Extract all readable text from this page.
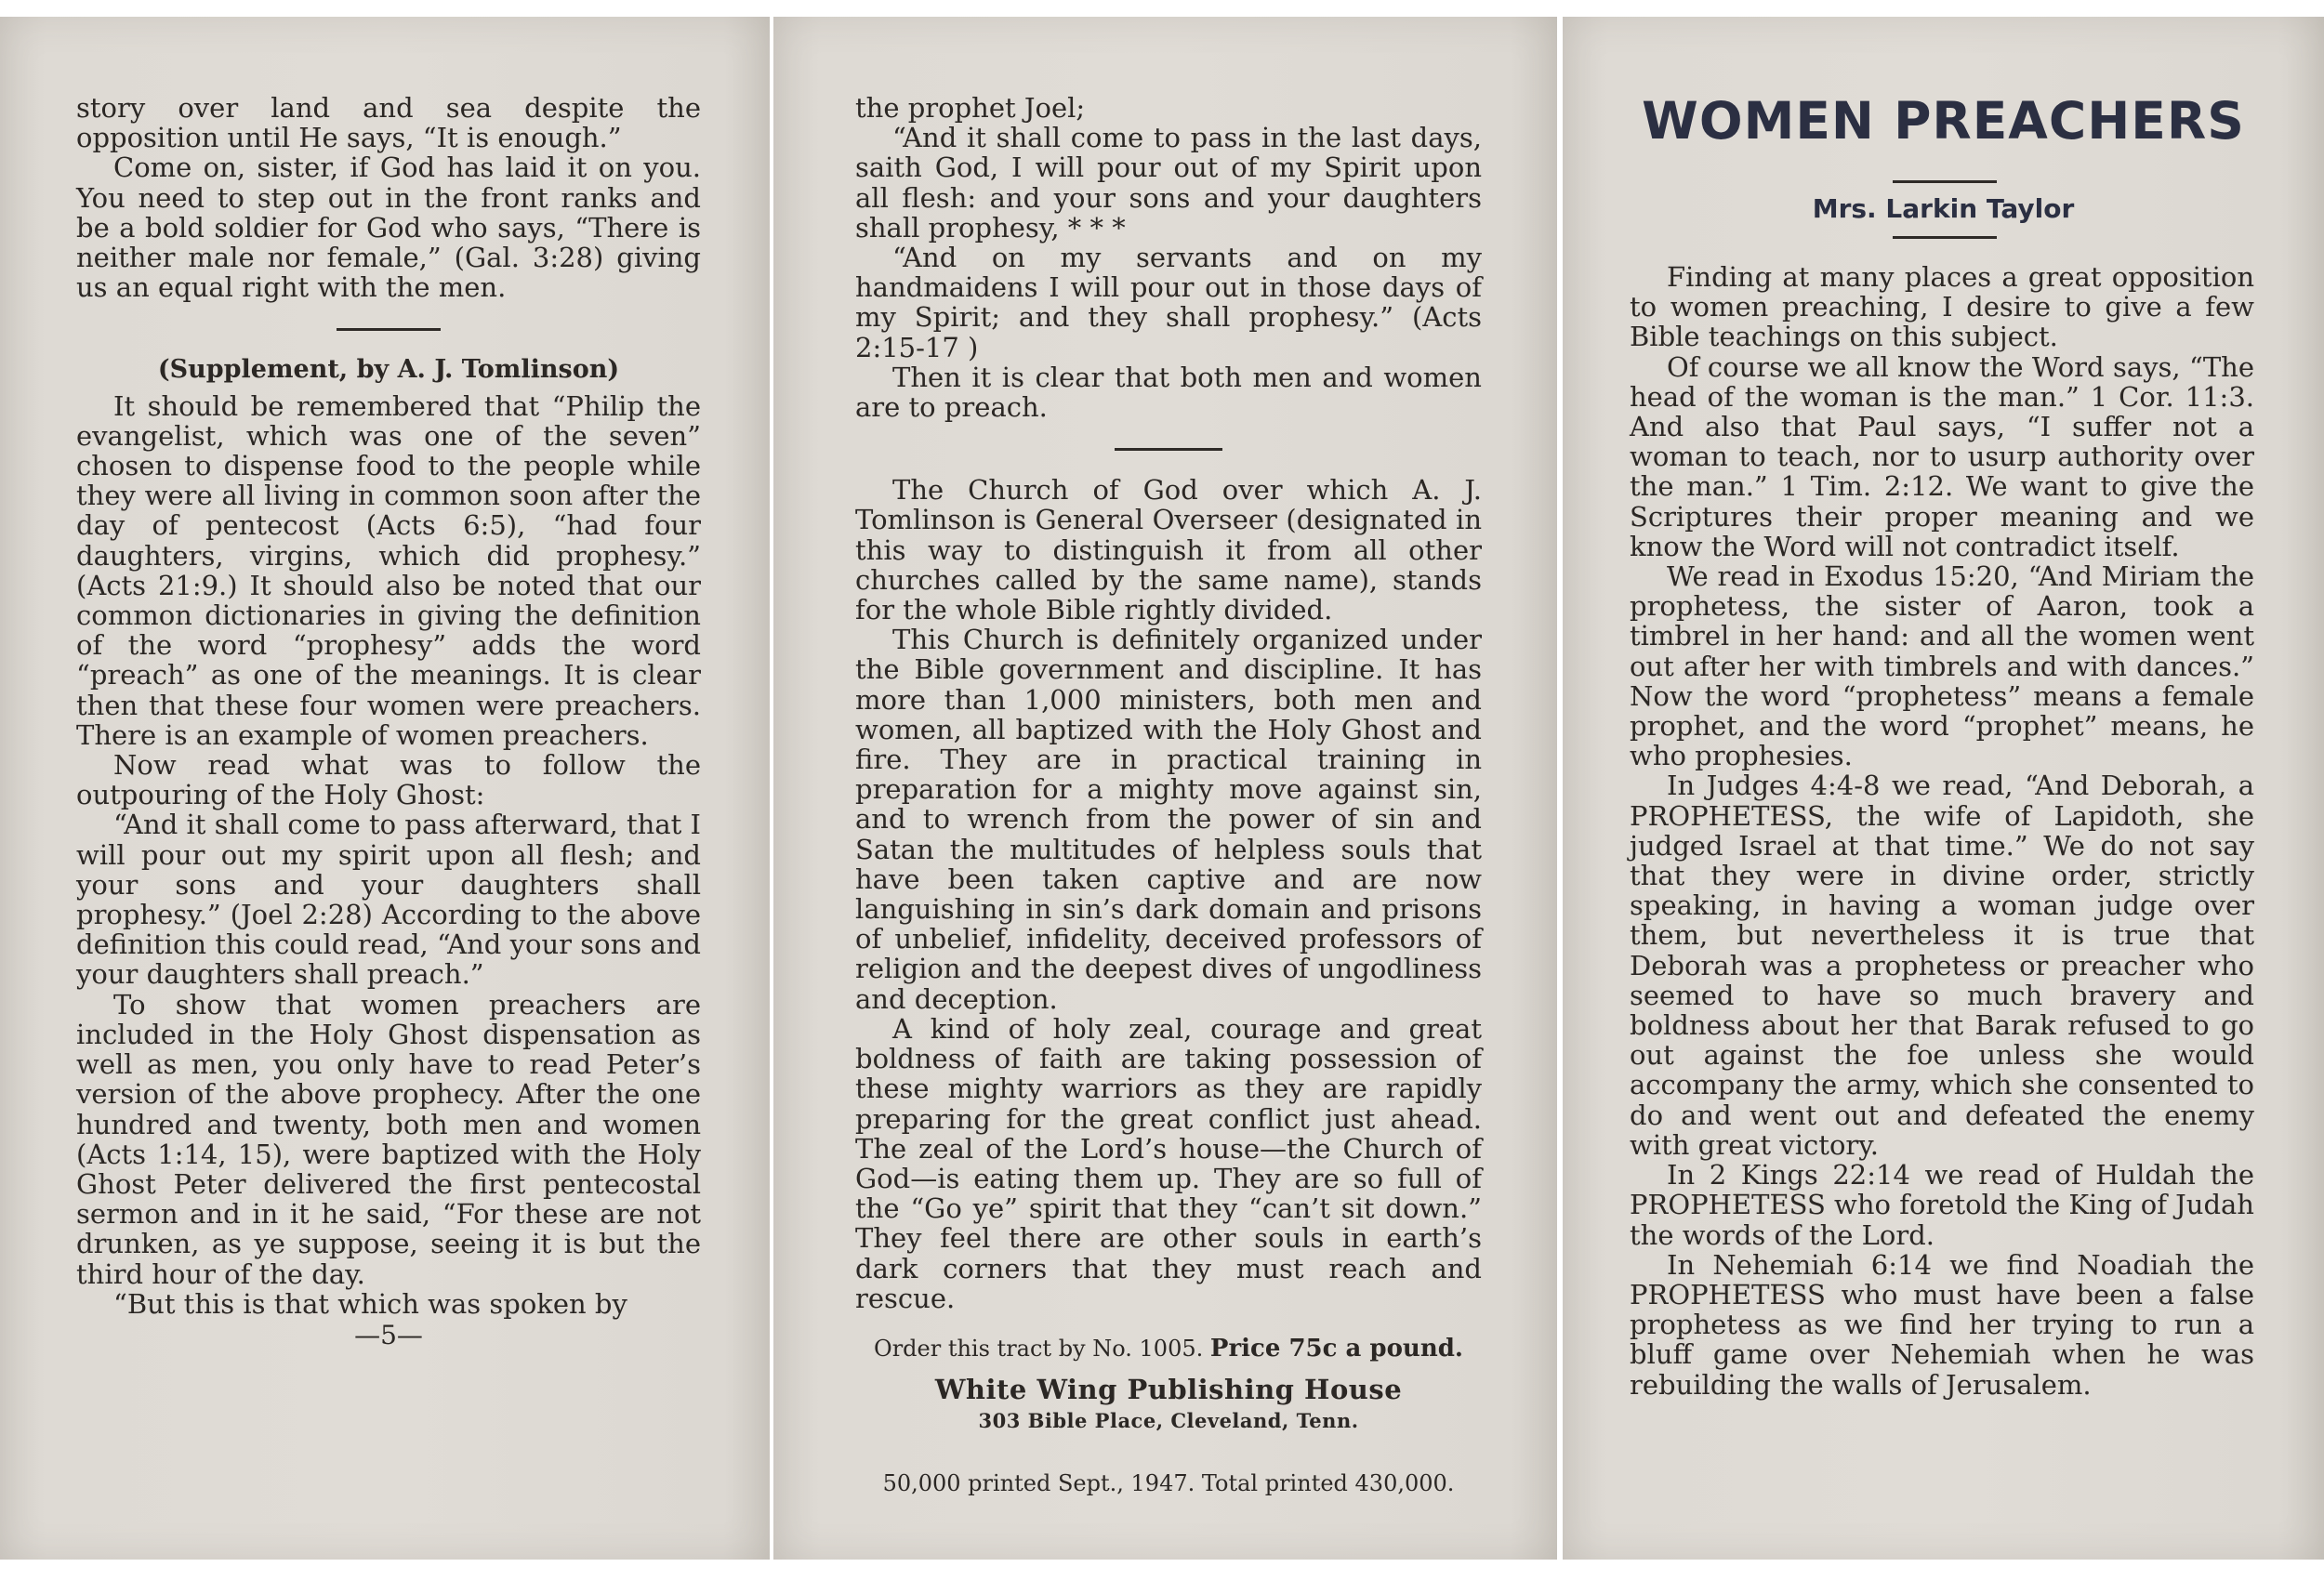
story over land and sea despite the opposition until He says, “It is enough.”

Come on, sister, if God has laid it on you. You need to step out in the front ranks and be a bold soldier for God who says, “There is neither male nor female,” (Gal. 3:28) giving us an equal right with the men.

(Supplement, by A. J. Tomlinson)

It should be remembered that “Philip the evangelist, which was one of the seven” chosen to dispense food to the people while they were all living in common soon after the day of pentecost (Acts 6:5), “had four daughters, virgins, which did prophesy.” (Acts 21:9.) It should also be noted that our common dictionaries in giving the definition of the word “prophesy” adds the word “preach” as one of the meanings. It is clear then that these four women were preachers. There is an example of women preachers.

Now read what was to follow the outpouring of the Holy Ghost:

“And it shall come to pass afterward, that I will pour out my spirit upon all flesh; and your sons and your daughters shall prophesy.” (Joel 2:28) According to the above definition this could read, “And your sons and your daughters shall preach.”

To show that women preachers are included in the Holy Ghost dispensation as well as men, you only have to read Peter’s version of the above prophecy. After the one hundred and twenty, both men and women (Acts 1:14, 15), were baptized with the Holy Ghost Peter delivered the first pentecostal sermon and in it he said, “For these are not drunken, as ye suppose, seeing it is but the third hour of the day.

“But this is that which was spoken by

—5—

the prophet Joel;

“And it shall come to pass in the last days, saith God, I will pour out of my Spirit upon all flesh: and your sons and your daughters shall prophesy, * * *

“And on my servants and on my handmaidens I will pour out in those days of my Spirit; and they shall prophesy.” (Acts 2:15-17 )

Then it is clear that both men and women are to preach.

The Church of God over which A. J. Tomlinson is General Overseer (designated in this way to distinguish it from all other churches called by the same name), stands for the whole Bible rightly divided.

This Church is definitely organized under the Bible government and discipline. It has more than 1,000 ministers, both men and women, all baptized with the Holy Ghost and fire. They are in practical training in preparation for a mighty move against sin, and to wrench from the power of sin and Satan the multitudes of helpless souls that have been taken captive and are now languishing in sin’s dark domain and prisons of unbelief, infidelity, deceived professors of religion and the deepest dives of ungodliness and deception.

A kind of holy zeal, courage and great boldness of faith are taking possession of these mighty warriors as they are rapidly preparing for the great conflict just ahead. The zeal of the Lord’s house—the Church of God—is eating them up. They are so full of the “Go ye” spirit that they “can’t sit down.” They feel there are other souls in earth’s dark corners that they must reach and rescue.

Order this tract by No. 1005. Price 75c a pound.
White Wing Publishing House
303 Bible Place, Cleveland, Tenn.
50,000 printed Sept., 1947. Total printed 430,000.
WOMEN PREACHERS
Mrs. Larkin Taylor

Finding at many places a great opposition to women preaching, I desire to give a few Bible teachings on this subject.

Of course we all know the Word says, “The head of the woman is the man.” 1 Cor. 11:3. And also that Paul says, “I suffer not a woman to teach, nor to usurp authority over the man.” 1 Tim. 2:12. We want to give the Scriptures their proper meaning and we know the Word will not contradict itself.

We read in Exodus 15:20, “And Miriam the prophetess, the sister of Aaron, took a timbrel in her hand: and all the women went out after her with timbrels and with dances.” Now the word “prophetess” means a female prophet, and the word “prophet” means, he who prophesies.

In Judges 4:4-8 we read, “And Deborah, a PROPHETESS, the wife of Lapidoth, she judged Israel at that time.” We do not say that they were in divine order, strictly speaking, in having a woman judge over them, but nevertheless it is true that Deborah was a prophetess or preacher who seemed to have so much bravery and boldness about her that Barak refused to go out against the foe unless she would accompany the army, which she consented to do and went out and defeated the enemy with great victory.

In 2 Kings 22:14 we read of Huldah the PROPHETESS who foretold the King of Judah the words of the Lord.

In Nehemiah 6:14 we find Noadiah the PROPHETESS who must have been a false prophetess as we find her trying to run a bluff game over Nehemiah when he was rebuilding the walls of Jerusalem.
